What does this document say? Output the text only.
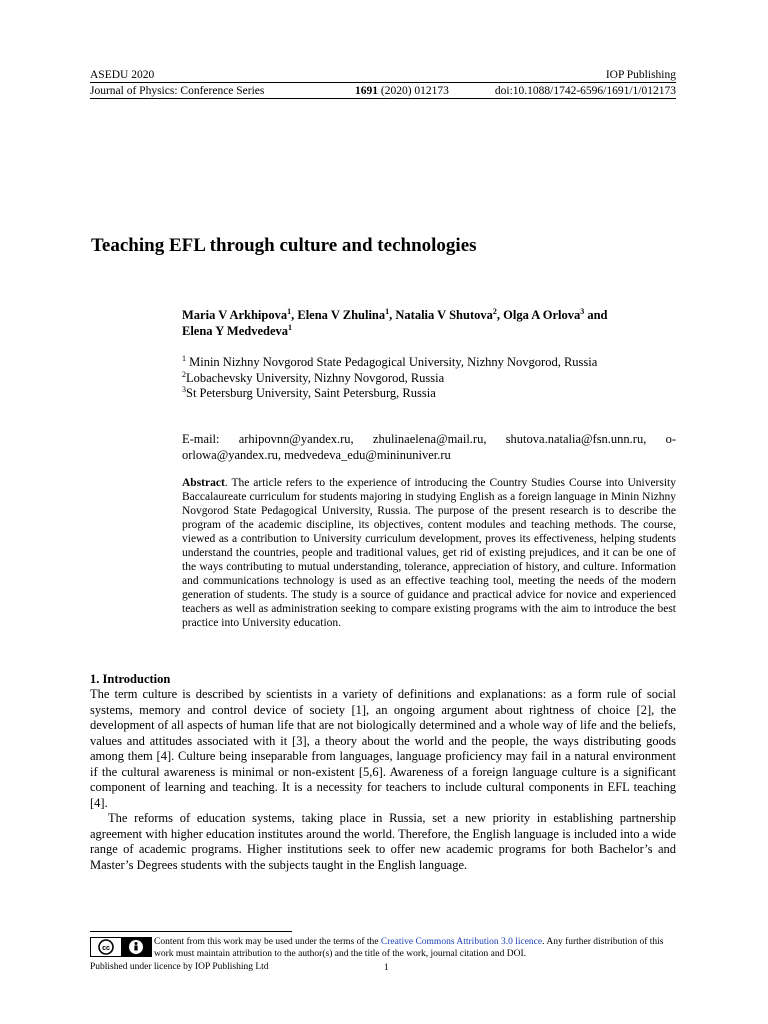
ASEDU 2020	IOP Publishing
Journal of Physics: Conference Series	1691 (2020) 012173	doi:10.1088/1742-6596/1691/1/012173
Teaching EFL through culture and technologies
Maria V Arkhipova$^1$, Elena V Zhulina$^1$, Natalia V Shutova$^2$, Olga A Orlova$^3$ and
Elena Y Medvedeva$^1$
$^1$ Minin Nizhny Novgorod State Pedagogical University, Nizhny Novgorod, Russia
$^2$Lobachevsky University, Nizhny Novgorod, Russia
$^3$St Petersburg University, Saint Petersburg, Russia
E-mail: arhipovnn@yandex.ru, zhulinaelena@mail.ru, shutova.natalia@fsn.unn.ru, o-orlowa@yandex.ru, medvedeva_edu@mininuniver.ru
Abstract. The article refers to the experience of introducing the Country Studies Course into University Baccalaureate curriculum for students majoring in studying English as a foreign language in Minin Nizhny Novgorod State Pedagogical University, Russia. The purpose of the present research is to describe the program of the academic discipline, its objectives, content modules and teaching methods. The course, viewed as a contribution to University curriculum development, proves its effectiveness, helping students understand the countries, people and traditional values, get rid of existing prejudices, and it can be one of the ways contributing to mutual understanding, tolerance, appreciation of history, and culture. Information and communications technology is used as an effective teaching tool, meeting the needs of the modern generation of students. The study is a source of guidance and practical advice for novice and experienced teachers as well as administration seeking to compare existing programs with the aim to introduce the best practice into University education.
1. Introduction

The term culture is described by scientists in a variety of definitions and explanations: as a form rule of social systems, memory and control device of society [1], an ongoing argument about rightness of choice [2], the development of all aspects of human life that are not biologically determined and a whole way of life and the beliefs, values and attitudes associated with it [3], a theory about the world and the people, the ways distributing goods among them [4]. Culture being inseparable from languages, language proficiency may fail in a natural environment if the cultural awareness is minimal or non-existent [5,6]. Awareness of a foreign language culture is a significant component of learning and teaching. It is a necessity for teachers to include cultural components in EFL teaching [4].

The reforms of education systems, taking place in Russia, set a new priority in establishing partnership agreement with higher education institutes around the world. Therefore, the English language is included into a wide range of academic programs. Higher institutions seek to offer new academic programs for both Bachelor’s and Master’s Degrees students with the subjects taught in the English language.

cc
Content from this work may be used under the terms of the Creative Commons Attribution 3.0 licence. Any further distribution of this work must maintain attribution to the author(s) and the title of the work, journal citation and DOI.
Published under licence by IOP Publishing Ltd	1
